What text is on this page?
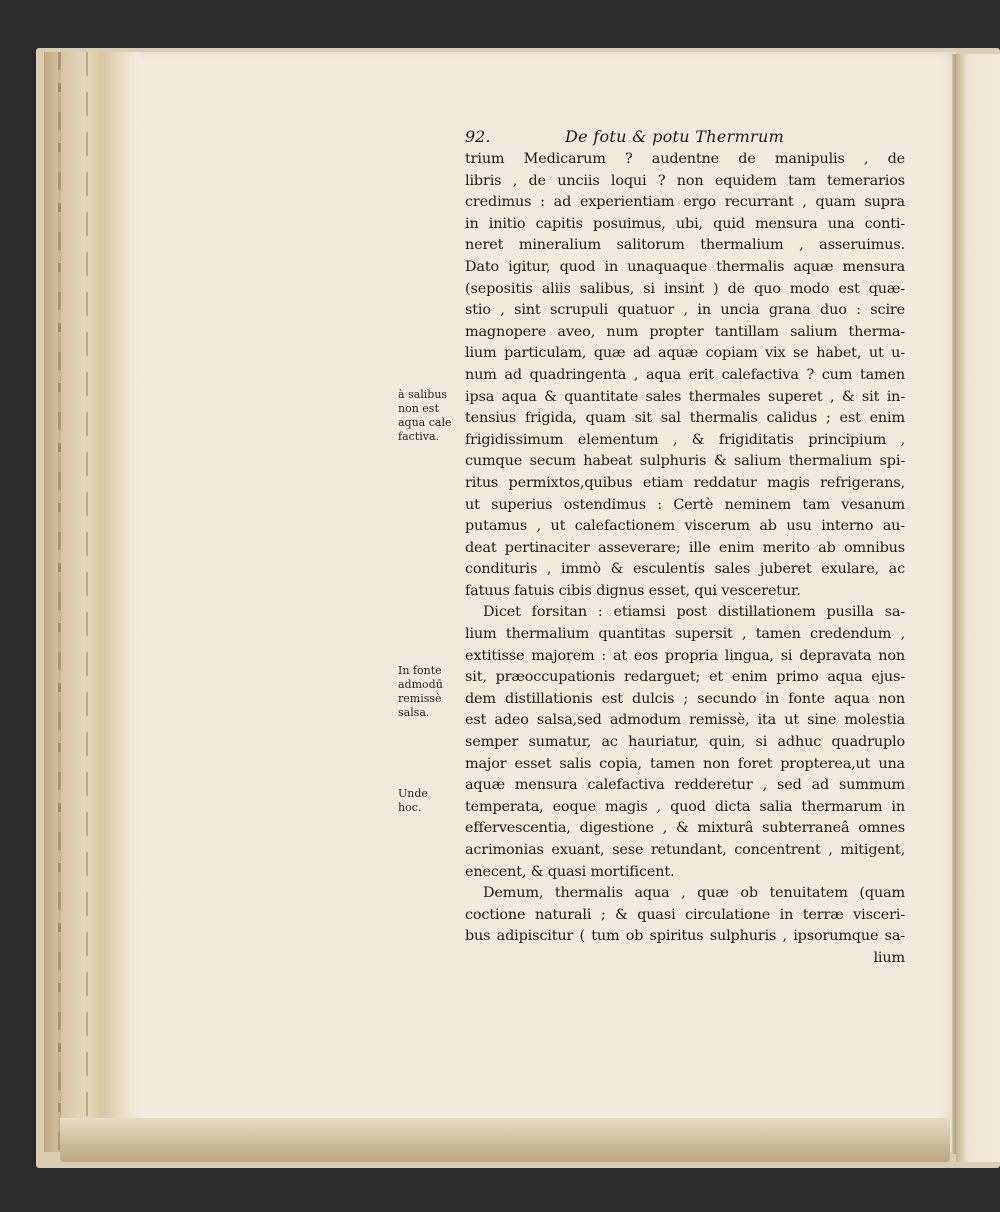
92.	De fotu & potu Thermrum
trium Medicarum ? audentne de manipulis , de
libris , de unciis loqui ? non equidem tam temerarios
credimus : ad experientiam ergo recurrant , quam supra
in initio capitis posuimus, ubi, quid mensura una conti-
neret mineralium salitorum thermalium , asseruimus.
Dato igitur, quod in unaquaque thermalis aquæ mensura
(sepositis aliis salibus, si insint ) de quo modo est quæ-
stio , sint scrupuli quatuor , in uncia grana duo : scire
magnopere aveo, num propter tantillam salium therma-
lium particulam, quæ ad aquæ copiam vix se habet, ut u-
num ad quadringenta , aqua erit calefactiva ? cum tamen
ipsa aqua & quantitate sales thermales superet , & sit in-
tensius frigida, quam sit sal thermalis calidus ; est enim
frigidissimum elementum , & frigiditatis principium ,
cumque secum habeat sulphuris & salium thermalium spi-
ritus permixtos,quibus etiam reddatur magis refrigerans,
ut superius ostendimus : Certè neminem tam vesanum
putamus , ut calefactionem viscerum ab usu interno au-
deat pertinaciter asseverare; ille enim merito ab omnibus
condituris , immò & esculentis sales juberet exulare, ac
fatuus fatuis cibis dignus esset, qui vesceretur.
Dicet forsitan : etiamsi post distillationem pusilla sa-
lium thermalium quantitas supersit , tamen credendum ,
extitisse majorem : at eos propria lingua, si depravata non
sit, præoccupationis redarguet; et enim primo aqua ejus-
dem distillationis est dulcis ; secundo in fonte aqua non
est adeo salsa,sed admodum remissè, ita ut sine molestia
semper sumatur, ac hauriatur, quin, si adhuc quadruplo
major esset salis copia, tamen non foret propterea,ut una
aquæ mensura calefactiva redderetur , sed ad summum
temperata, eoque magis , quod dicta salia thermarum in
effervescentia, digestione , & mixturâ subterraneâ omnes
acrimonias exuant, sese retundant, concentrent , mitigent,
enecent, & quasi mortificent.
Demum, thermalis aqua , quæ ob tenuitatem (quam
coctione naturali ; & quasi circulatione in terræ visceri-
bus adipiscitur ( tum ob spiritus sulphuris , ipsorumque sa-
lium
à salibus
non est
aqua cale
factiva.
In fonte
admodū
remissè
salsa.
Unde
hoc.
